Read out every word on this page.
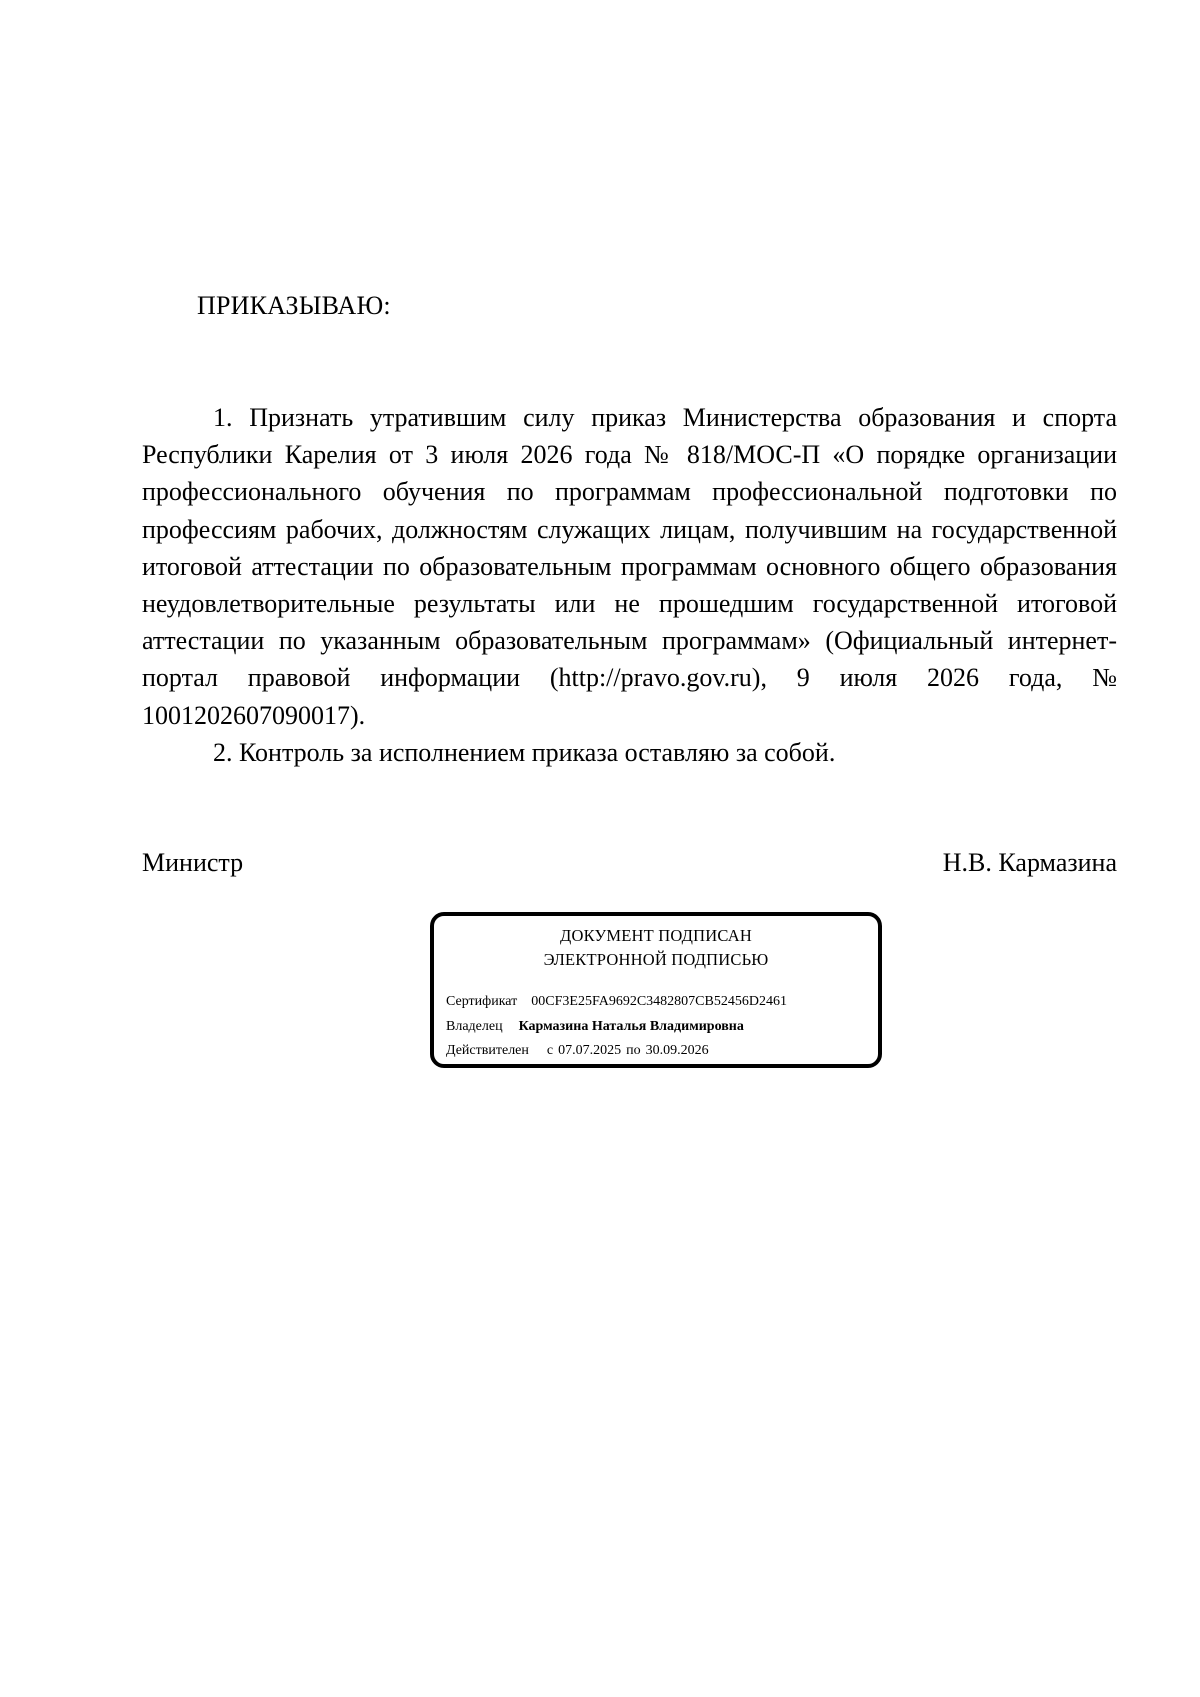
ПРИКАЗЫВАЮ:

1. Признать утратившим силу приказ Министерства образования и спорта Республики Карелия от 3 июля 2026 года № 818/МОС-П «О порядке организации профессионального обучения по программам профессиональной подготовки по профессиям рабочих, должностям служащих лицам, получившим на государственной итоговой аттестации по образовательным программам основного общего образования неудовлетворительные результаты или не прошедшим государственной итоговой аттестации по указанным образовательным программам» (Официальный интернет-портал правовой информации (http://pravo.gov.ru), 9 июля 2026 года, № 1001202607090017).

2. Контроль за исполнением приказа оставляю за собой.

Министр	Н.В. Кармазина
ДОКУМЕНТ ПОДПИСАН
ЭЛЕКТРОННОЙ ПОДПИСЬЮ
Сертификат 00CF3E25FA9692C3482807CB52456D2461
Владелец Кармазина Наталья Владимировна
Действителен с 07.07.2025 по 30.09.2026
